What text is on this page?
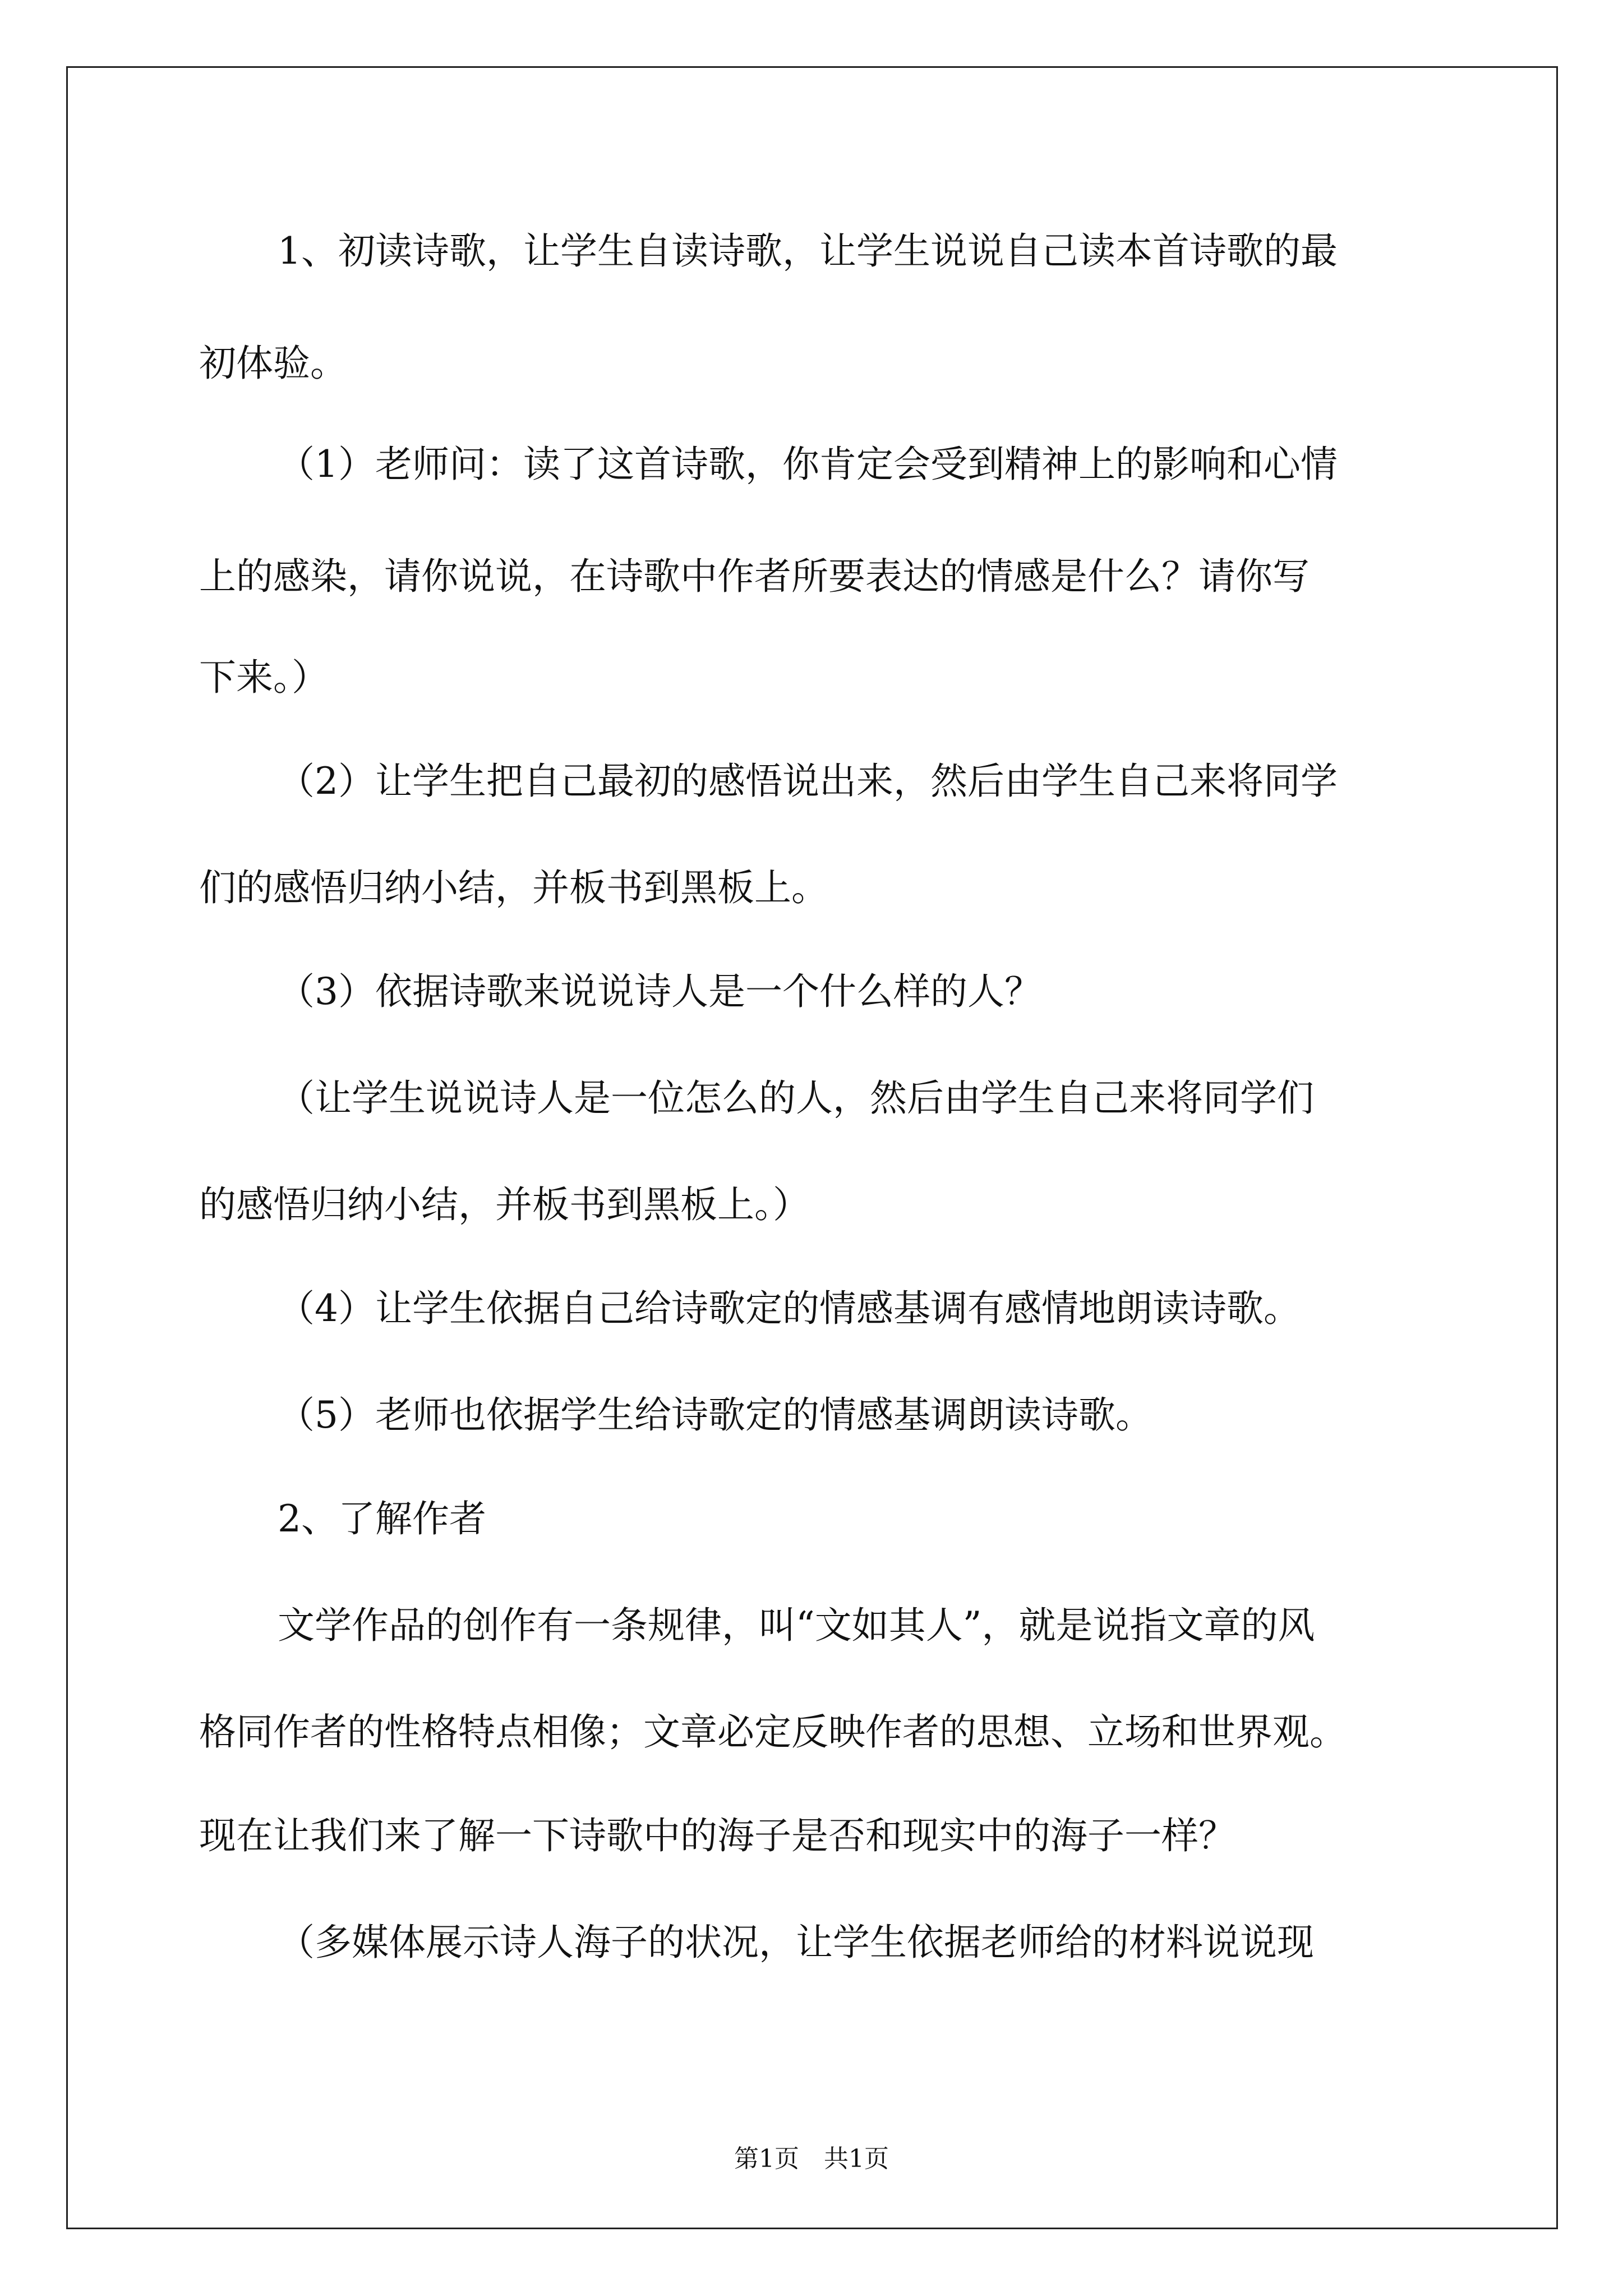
1、初读诗歌，让学生自读诗歌，让学生说说自己读本首诗歌的最
初体验。
（1）老师问：读了这首诗歌，你肯定会受到精神上的影响和心情
上的感染，请你说说，在诗歌中作者所要表达的情感是什么？请你写
下来。）
（2）让学生把自己最初的感悟说出来，然后由学生自己来将同学
们的感悟归纳小结，并板书到黑板上。
（3）依据诗歌来说说诗人是一个什么样的人？
（让学生说说诗人是一位怎么的人，然后由学生自己来将同学们
的感悟归纳小结，并板书到黑板上。）
（4）让学生依据自己给诗歌定的情感基调有感情地朗读诗歌。
（5）老师也依据学生给诗歌定的情感基调朗读诗歌。
2、了解作者
文学作品的创作有一条规律，叫“文如其人”，就是说指文章的风
格同作者的性格特点相像；文章必定反映作者的思想、立场和世界观。
现在让我们来了解一下诗歌中的海子是否和现实中的海子一样？
（多媒体展示诗人海子的状况，让学生依据老师给的材料说说现
第1页　共1页
